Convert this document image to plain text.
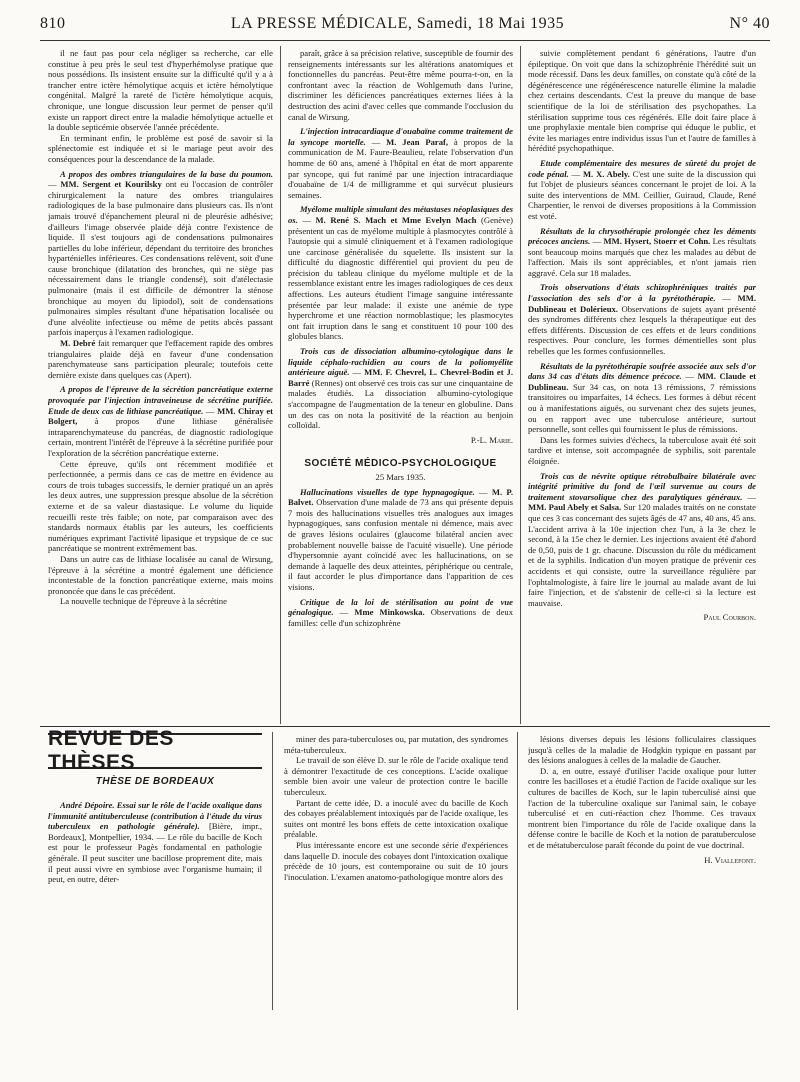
810	LA PRESSE MÉDICALE, Samedi, 18 Mai 1935	N° 40

il ne faut pas pour cela négliger sa recherche, car elle constitue à peu près le seul test d'hyperhémolyse pratique que nous possédions. Ils insistent ensuite sur la difficulté qu'il y a à trancher entre ictère hémolytique acquis et ictère hémolytique congénital. Malgré la rareté de l'ictère hémolytique acquis, chronique, une longue discussion leur permet de penser qu'il existe un rapport direct entre la maladie hémolytique actuelle et la double septicémie observée l'année précédente.

En terminant enfin, le problème est posé de savoir si la splénectomie est indiquée et si le mariage peut avoir des conséquences pour la descendance de la malade.

A propos des ombres triangulaires de la base du poumon. — MM. Sergent et Kourilsky ont eu l'occasion de contrôler chirurgicalement la nature des ombres triangulaires radiologiques de la base pulmonaire dans plusieurs cas. Ils n'ont jamais trouvé d'épanchement pleural ni de pleurésie adhésive; d'ailleurs l'image observée plaide déjà contre l'existence de liquide. Il s'est toujours agi de condensations pulmonaires partielles du lobe inférieur, dépendant du territoire des bronches hyparténielles inférieures. Ces condensations relèvent, soit d'une cause bronchique (dilatation des bronches, qui ne siège pas nécessairement dans le triangle condensé), soit d'atélectasie pulmonaire (mais il est difficile de démontrer la sténose bronchique au moyen du lipiodol), soit de condensations pulmonaires simples résultant d'une hépatisation localisée ou d'une alvéolite infectieuse ou même de petits abcès passant parfois inaperçus à l'examen radiologique.

M. Debré fait remarquer que l'effacement rapide des ombres triangulaires plaide déjà en faveur d'une condensation parenchymateuse sans participation pleurale; toutefois cette dernière existe dans quelques cas (Apert).

A propos de l'épreuve de la sécrétion pancréatique externe provoquée par l'injection intraveineuse de sécrétine purifiée. Etude de deux cas de lithiase pancréatique. — MM. Chiray et Bolgert, à propos d'une lithiase généralisée intraparenchymateuse du pancréas, de diagnostic radiologique certain, montrent l'intérêt de l'épreuve à la sécrétine purifiée pour l'exploration de la sécrétion pancréatique externe.

Cette épreuve, qu'ils ont récemment modifiée et perfectionnée, a permis dans ce cas de mettre en évidence au cours de trois tubages successifs, le dernier pratiqué un an après les deux autres, une suppression presque absolue de la sécrétion externe et de sa valeur diastasique. Le volume du liquide recueilli reste très faible; on note, par comparaison avec des standards normaux établis par les auteurs, les coefficients numériques exprimant l'activité lipasique et trypsique de ce suc pancréatique se montrent extrêmement bas.

Dans un autre cas de lithiase localisée au canal de Wirsung, l'épreuve à la sécrétine a montré également une déficience incontestable de la fonction pancréatique externe, mais moins prononcée que dans le cas précédent.

La nouvelle technique de l'épreuve à la sécrétine

paraît, grâce à sa précision relative, susceptible de fournir des renseignements intéressants sur les altérations anatomiques et fonctionnelles du pancréas. Peut-être même pourra-t-on, en la confrontant avec la réaction de Wohlgemuth dans l'urine, discriminer les déficiences pancréatiques externes liées à la destruction des acini d'avec celles que commande l'occlusion du canal de Wirsung.

L'injection intracardiaque d'ouabaïne comme traitement de la syncope mortelle. — M. Jean Paraf, à propos de la communication de M. Faure-Beaulieu, relate l'observation d'un homme de 60 ans, amené à l'hôpital en état de mort apparente par syncope, qui fut ranimé par une injection intracardiaque d'ouabaïne de 1/4 de milligramme et qui survécut plusieurs semaines.

Myélome multiple simulant des métastases néoplasiques des os. — M. René S. Mach et Mme Evelyn Mach (Genève) présentent un cas de myélome multiple à plasmocytes contrôlé à l'autopsie qui a simulé cliniquement et à l'examen radiologique une carcinose généralisée du squelette. Ils insistent sur la difficulté du diagnostic différentiel qui provient du peu de précision du tableau clinique du myélome multiple et de la ressemblance existant entre les images radiologiques de ces deux affections. Les auteurs étudient l'image sanguine intéressante présentée par leur malade: il existe une anémie de type hyperchrome et une réaction normoblastique; les plasmocytes ont fait irruption dans le sang et constituent 10 pour 100 des globules blancs.

Trois cas de dissociation albumino-cytologique dans le liquide céphalo-rachidien au cours de la poliomyélite antérieure aiguë. — MM. F. Chevrel, L. Chevrel-Bodin et J. Barré (Rennes) ont observé ces trois cas sur une cinquantaine de malades étudiés. La dissociation albumino-cytologique s'accompagne de l'augmentation de la teneur en globuline. Dans un des cas on nota la positivité de la réaction au benjoin colloïdal.

P.-L. Marie.

SOCIÉTÉ MÉDICO-PSYCHOLOGIQUE

25 Mars 1935.

Hallucinations visuelles de type hypnagogique. — M. P. Balvet. Observation d'une malade de 73 ans qui présente depuis 7 mois des hallucinations visuelles très analogues aux images hypnagogiques, sans confusion mentale ni démence, mais avec de graves lésions oculaires (glaucome bilatéral ancien avec probablement nouvelle baisse de l'acuité visuelle). Une période d'hypersomnie ayant coïncidé avec les hallucinations, on se demande à laquelle des deux atteintes, périphérique ou centrale, il faut accorder le plus d'importance dans l'apparition de ces visions.

Critique de la loi de stérilisation au point de vue génalogique. — Mme Minkowska. Observations de deux familles: celle d'un schizophrène

suivie complètement pendant 6 générations, l'autre d'un épileptique. On voit que dans la schizophrénie l'hérédité suit un mode récessif. Dans les deux familles, on constate qu'à côté de la dégénérescence une régénérescence naturelle élimine la maladie chez certains descendants. C'est la preuve du manque de base scientifique de la loi de stérilisation des psychopathes. La stérilisation supprime tous ces régénérés. Elle doit faire place à une prophylaxie mentale bien comprise qui éduque le public, et évite les mariages entre individus issus l'un et l'autre de familles à hérédité psychopathique.

Etude complémentaire des mesures de sûreté du projet de code pénal. — M. X. Abely. C'est une suite de la discussion qui fut l'objet de plusieurs séances concernant le projet de loi. A la suite des interventions de MM. Ceillier, Guiraud, Claude, René Charpentier, le renvoi de diverses propositions à la Commission est voté.

Résultats de la chrysothérapie prolongée chez les déments précoces anciens. — MM. Hysert, Stoerr et Cohn. Les résultats sont beaucoup moins marqués que chez les malades au début de l'affection. Mais ils sont appréciables, et n'ont jamais rien aggravé. Cela sur 18 malades.

Trois observations d'états schizophréniques traités par l'association des sels d'or à la pyrétothérapie. — MM. Dublineau et Dolérieux. Observations de sujets ayant présenté des syndromes différents chez lesquels la thérapeutique eut des effets différents. Discussion de ces effets et de leurs conditions respectives. Pour conclure, les formes démentielles sont plus rebelles que les formes confusionnelles.

Résultats de la pyrétothérapie soufrée associée aux sels d'or dans 34 cas d'états dits démence précoce. — MM. Claude et Dublineau. Sur 34 cas, on nota 13 rémissions, 7 rémissions transitoires ou imparfaites, 14 échecs. Les formes à début récent ou à manifestations aiguës, ou survenant chez des sujets jeunes, ou en rapport avec une tuberculose antérieure, surtout personnelle, sont celles qui fournissent le plus de rémissions.

Dans les formes suivies d'échecs, la tuberculose avait été soit tardive et intense, soit accompagnée de syphilis, soit parentale éloignée.

Trois cas de névrite optique rétrobulbaire bilatérale avec intégrité primitive du fond de l'œil survenue au cours de traitement stovarsolique chez des paralytiques généraux. — MM. Paul Abely et Salsa. Sur 120 malades traités on ne constate que ces 3 cas concernant des sujets âgés de 47 ans, 40 ans, 45 ans. L'accident arriva à la 10e injection chez l'un, à la 3e chez le second, à la 15e chez le dernier. Les injections avaient été d'abord de 0,50, puis de 1 gr. chacune. Discussion du rôle du médicament et de la syphilis. Indication d'un moyen pratique de prévenir ces accidents et qui consiste, outre la surveillance régulière par l'ophtalmologiste, à faire lire le journal au malade avant de lui faire l'injection, et de s'abstenir de celle-ci si la lecture est mauvaise.

Paul Courbon.

REVUE DES THÈSES
THÈSE DE BORDEAUX

André Dépoire. Essai sur le rôle de l'acide oxalique dans l'immunité antituberculeuse (contribution à l'étude du virus tuberculeux en pathologie générale). [Bière, impr., Bordeaux], Montpellier, 1934. — Le rôle du bacille de Koch est pour le professeur Pagès fondamental en pathologie générale. Il peut susciter une bacillose proprement dite, mais il peut aussi vivre en symbiose avec l'organisme humain; il peut, en outre, déter-

miner des para-tuberculoses ou, par mutation, des syndromes méta-tuberculeux.

Le travail de son élève D. sur le rôle de l'acide oxalique tend à démontrer l'exactitude de ces conceptions. L'acide oxalique semble bien avoir une valeur de protection contre le bacille tuberculeux.

Partant de cette idée, D. a inoculé avec du bacille de Koch des cobayes préalablement intoxiqués par de l'acide oxalique, les suites ont montré les bons effets de cette intoxication oxalique préalable.

Plus intéressante encore est une seconde série d'expériences dans laquelle D. inocule des cobayes dont l'intoxication oxalique précède de 10 jours, est contemporaine ou suit de 10 jours l'inoculation. L'examen anatomo-pathologique montre alors des

lésions diverses depuis les lésions folliculaires classiques jusqu'à celles de la maladie de Hodgkin typique en passant par des lésions analogues à celles de la maladie de Gaucher.

D. a, en outre, essayé d'utiliser l'acide oxalique pour lutter contre les bacilloses et a étudié l'action de l'acide oxalique sur les cultures de bacilles de Koch, sur le lapin tuberculisé ainsi que l'action de la tuberculine oxalique sur l'animal sain, le cobaye tuberculisé et en cuti-réaction chez l'homme. Ces travaux montrent bien l'importance du rôle de l'acide oxalique dans la défense contre le bacille de Koch et la notion de paratuberculose et de métatuberculose paraît féconde du point de vue doctrinal.

H. Viallefont.
